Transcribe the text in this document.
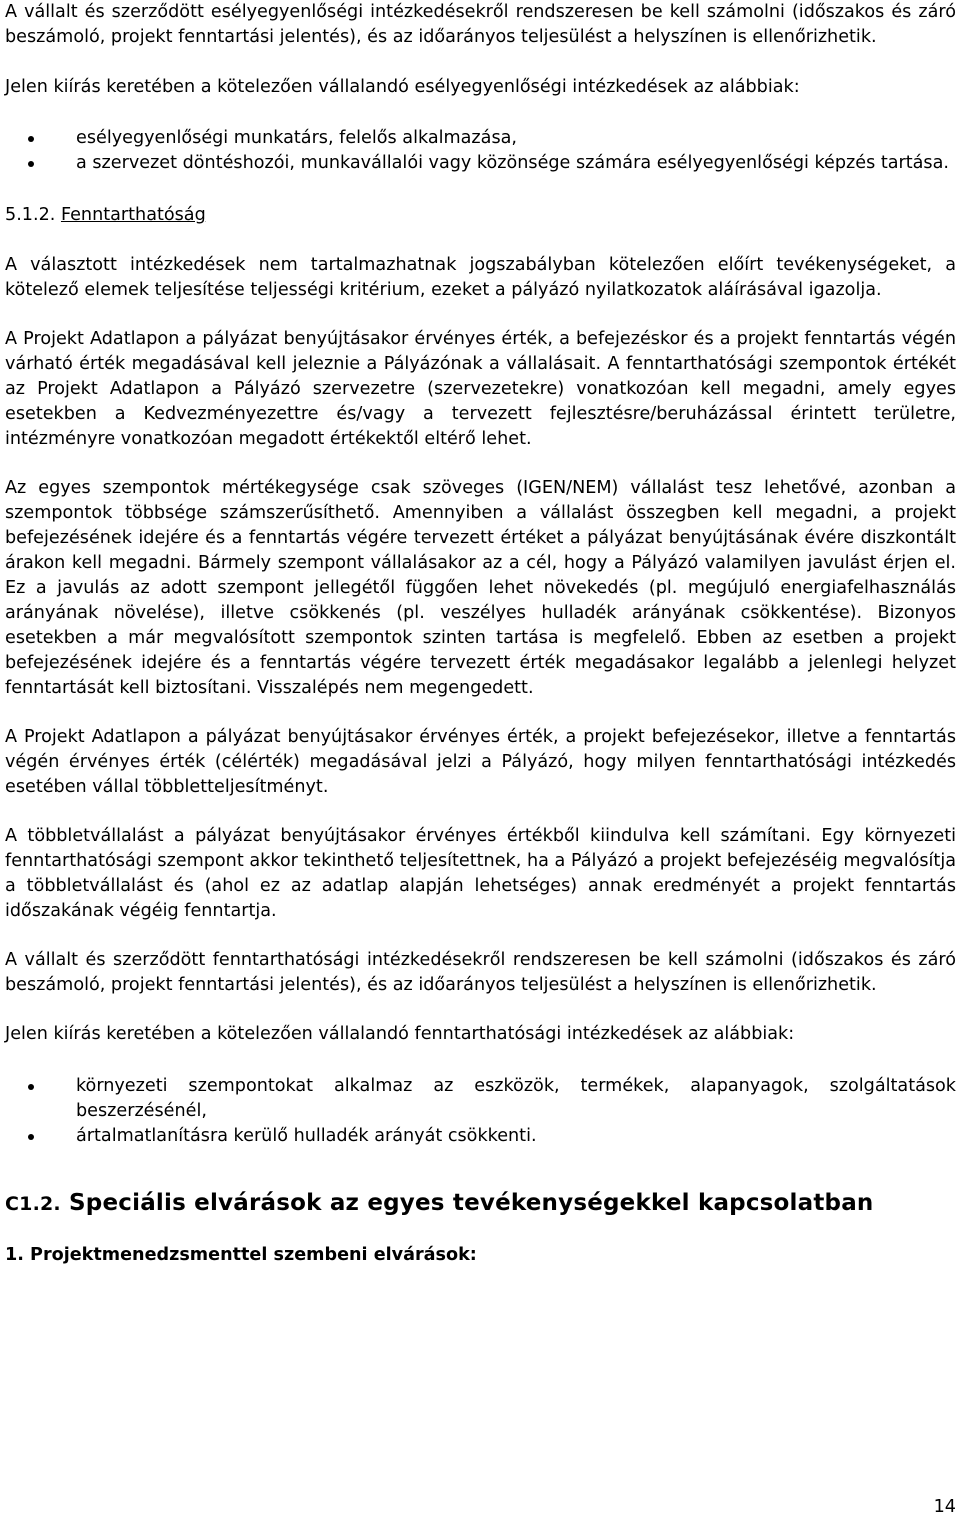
A vállalt és szerződött esélyegyenlőségi intézkedésekről rendszeresen be kell számolni (időszakos és záró beszámoló, projekt fenntartási jelentés), és az időarányos teljesülést a helyszínen is ellenőrizhetik.

Jelen kiírás keretében a kötelezően vállalandó esélyegyenlőségi intézkedések az alábbiak:

esélyegyenlőségi munkatárs, felelős alkalmazása,
a szervezet döntéshozói, munkavállalói vagy közönsége számára esélyegyenlőségi képzés tartása.

5.1.2. Fenntarthatóság

A választott intézkedések nem tartalmazhatnak jogszabályban kötelezően előírt tevékenységeket, a kötelező elemek teljesítése teljességi kritérium, ezeket a pályázó nyilatkozatok aláírásával igazolja.

A Projekt Adatlapon a pályázat benyújtásakor érvényes érték, a befejezéskor és a projekt fenntartás végén várható érték megadásával kell jeleznie a Pályázónak a vállalásait. A fenntarthatósági szempontok értékét az Projekt Adatlapon a Pályázó szervezetre (szervezetekre) vonatkozóan kell megadni, amely egyes esetekben a Kedvezményezettre és/vagy a tervezett fejlesztésre/beruházással érintett területre, intézményre vonatkozóan megadott értékektől eltérő lehet.

Az egyes szempontok mértékegysége csak szöveges (IGEN/NEM) vállalást tesz lehetővé, azonban a szempontok többsége számszerűsíthető. Amennyiben a vállalást összegben kell megadni, a projekt befejezésének idejére és a fenntartás végére tervezett értéket a pályázat benyújtásának évére diszkontált árakon kell megadni. Bármely szempont vállalásakor az a cél, hogy a Pályázó valamilyen javulást érjen el. Ez a javulás az adott szempont jellegétől függően lehet növekedés (pl. megújuló energiafelhasználás arányának növelése), illetve csökkenés (pl. veszélyes hulladék arányának csökkentése). Bizonyos esetekben a már megvalósított szempontok szinten tartása is megfelelő. Ebben az esetben a projekt befejezésének idejére és a fenntartás végére tervezett érték megadásakor legalább a jelenlegi helyzet fenntartását kell biztosítani. Visszalépés nem megengedett.

A Projekt Adatlapon a pályázat benyújtásakor érvényes érték, a projekt befejezésekor, illetve a fenntartás végén érvényes érték (célérték) megadásával jelzi a Pályázó, hogy milyen fenntarthatósági intézkedés esetében vállal többletteljesítményt.

A többletvállalást a pályázat benyújtásakor érvényes értékből kiindulva kell számítani. Egy környezeti fenntarthatósági szempont akkor tekinthető teljesítettnek, ha a Pályázó a projekt befejezéséig megvalósítja a többletvállalást és (ahol ez az adatlap alapján lehetséges) annak eredményét a projekt fenntartás időszakának végéig fenntartja.

A vállalt és szerződött fenntarthatósági intézkedésekről rendszeresen be kell számolni (időszakos és záró beszámoló, projekt fenntartási jelentés), és az időarányos teljesülést a helyszínen is ellenőrizhetik.

Jelen kiírás keretében a kötelezően vállalandó fenntarthatósági intézkedések az alábbiak:

környezeti szempontokat alkalmaz az eszközök, termékek, alapanyagok, szolgáltatások beszerzésénél,
ártalmatlanításra kerülő hulladék arányát csökkenti.
C1.2. Speciális elvárások az egyes tevékenységekkel kapcsolatban
1. Projektmenedzsmenttel szembeni elvárások:
14
